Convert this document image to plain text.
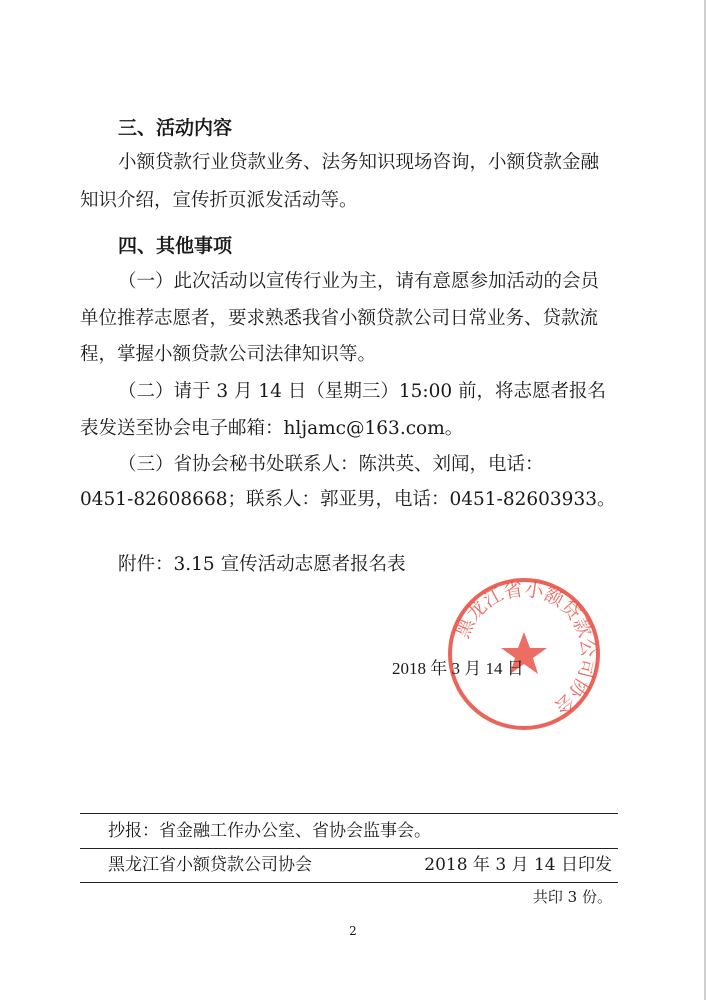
三、活动内容
小额贷款行业贷款业务、法务知识现场咨询，小额贷款金融
知识介绍，宣传折页派发活动等。
四、其他事项
（一）此次活动以宣传行业为主，请有意愿参加活动的会员
单位推荐志愿者，要求熟悉我省小额贷款公司日常业务、贷款流
程，掌握小额贷款公司法律知识等。
（二）请于 3 月 14 日（星期三）15:00 前，将志愿者报名
表发送至协会电子邮箱：hljamc@163.com。
（三）省协会秘书处联系人：陈洪英、刘闻，电话：
0451-82608668；联系人：郭亚男，电话：0451-82603933。
附件：3.15 宣传活动志愿者报名表
黑龙江省小额贷款公司协会
2018 年 3 月 14 日
抄报：省金融工作办公室、省协会监事会。
黑龙江省小额贷款公司协会	2018 年 3 月 14 日印发
共印 3 份。
2
